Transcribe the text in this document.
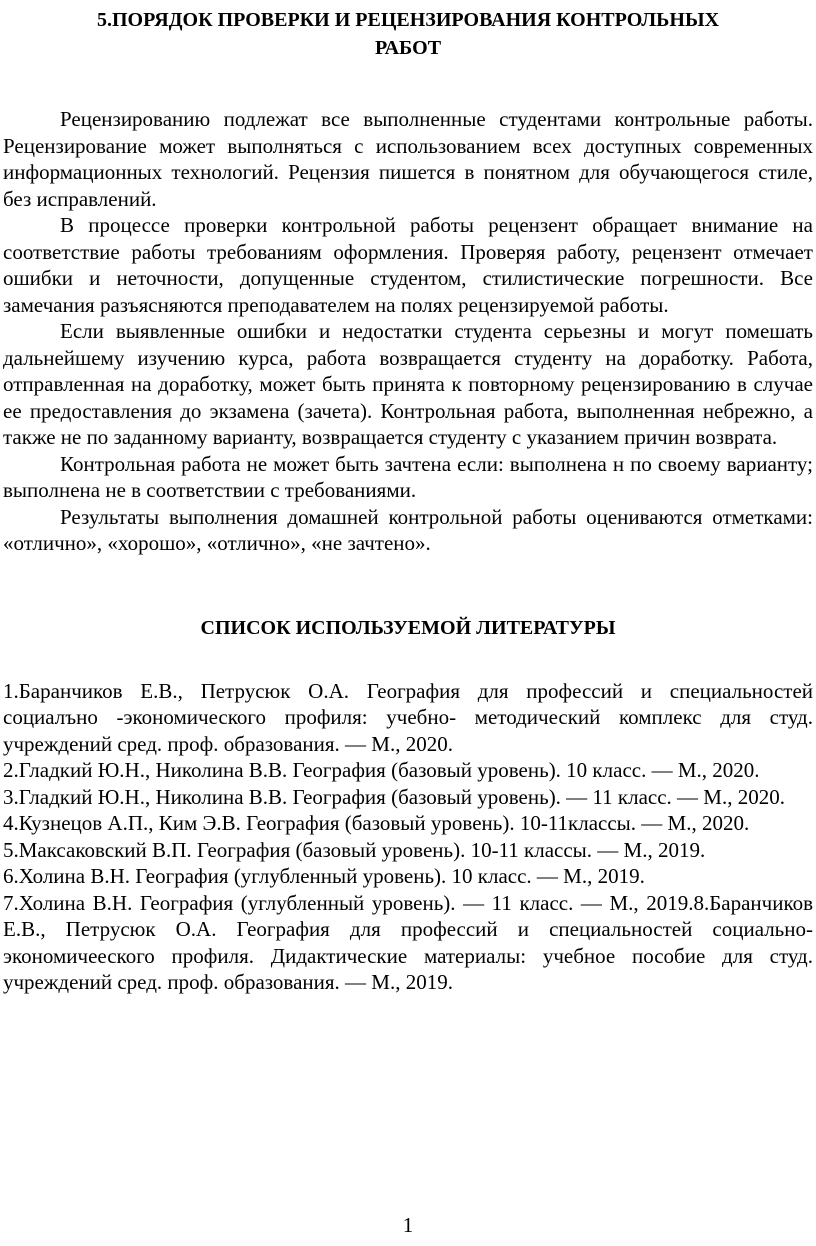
5.ПОРЯДОК ПРОВЕРКИ И РЕЦЕНЗИРОВАНИЯ КОНТРОЛЬНЫХ
РАБОТ

Рецензированию подлежат все выполненные студентами контрольные работы. Рецензирование может выполняться с использованием всех доступных современных информационных технологий. Рецензия пишется в понятном для обучающегося стиле, без исправлений.

В процессе проверки контрольной работы рецензент обращает внимание на соответствие работы требованиям оформления. Проверяя работу, рецензент отмечает ошибки и неточности, допущенные студентом, стилистические погрешности. Все замечания разъясняются преподавателем на полях рецензируемой работы.

Если выявленные ошибки и недостатки студента серьезны и могут помешать дальнейшему изучению курса, работа возвращается студенту на доработку. Работа, отправленная на доработку, может быть принята к повторному рецензированию в случае ее предоставления до экзамена (зачета). Контрольная работа, выполненная небрежно, а также не по заданному варианту, возвращается студенту с указанием причин возврата.

Контрольная работа не может быть зачтена если: выполнена н по своему варианту; выполнена не в соответствии с требованиями.

Результаты выполнения домашней контрольной работы оцениваются отметками: «отлично», «хорошо», «отлично», «не зачтено».

СПИСОК ИСПОЛЬЗУЕМОЙ ЛИТЕРАТУРЫ

1.Баранчиков Е.В., Петрусюк О.А. География для профессий и специальностей социалъно -экономического профиля: учебно- методический комплекс для студ. учреждений сред. проф. образования. — М., 2020.

2.Гладкий Ю.Н., Николина В.В. География (базовый уровень). 10 класс. — М., 2020.

3.Гладкий Ю.Н., Николина В.В. География (базовый уровень). — 11 класс. — М., 2020.

4.Кузнецов А.П., Ким Э.В. География (базовый уровень). 10-11классы. — М., 2020.

5.Максаковский В.П. География (базовый уровень). 10-11 классы. — М., 2019.

6.Холина В.Н. География (углубленный уровень). 10 класс. — М., 2019.

7.Холина В.Н. География (углубленный уровень). — 11 класс. — М., 2019.8.Баранчиков Е.В., Петрусюк О.А. География для профессий и специальностей социально-экономичееского профиля. Дидактические материалы: учебное пособие для студ. учреждений сред. проф. образования. — М., 2019.

1
